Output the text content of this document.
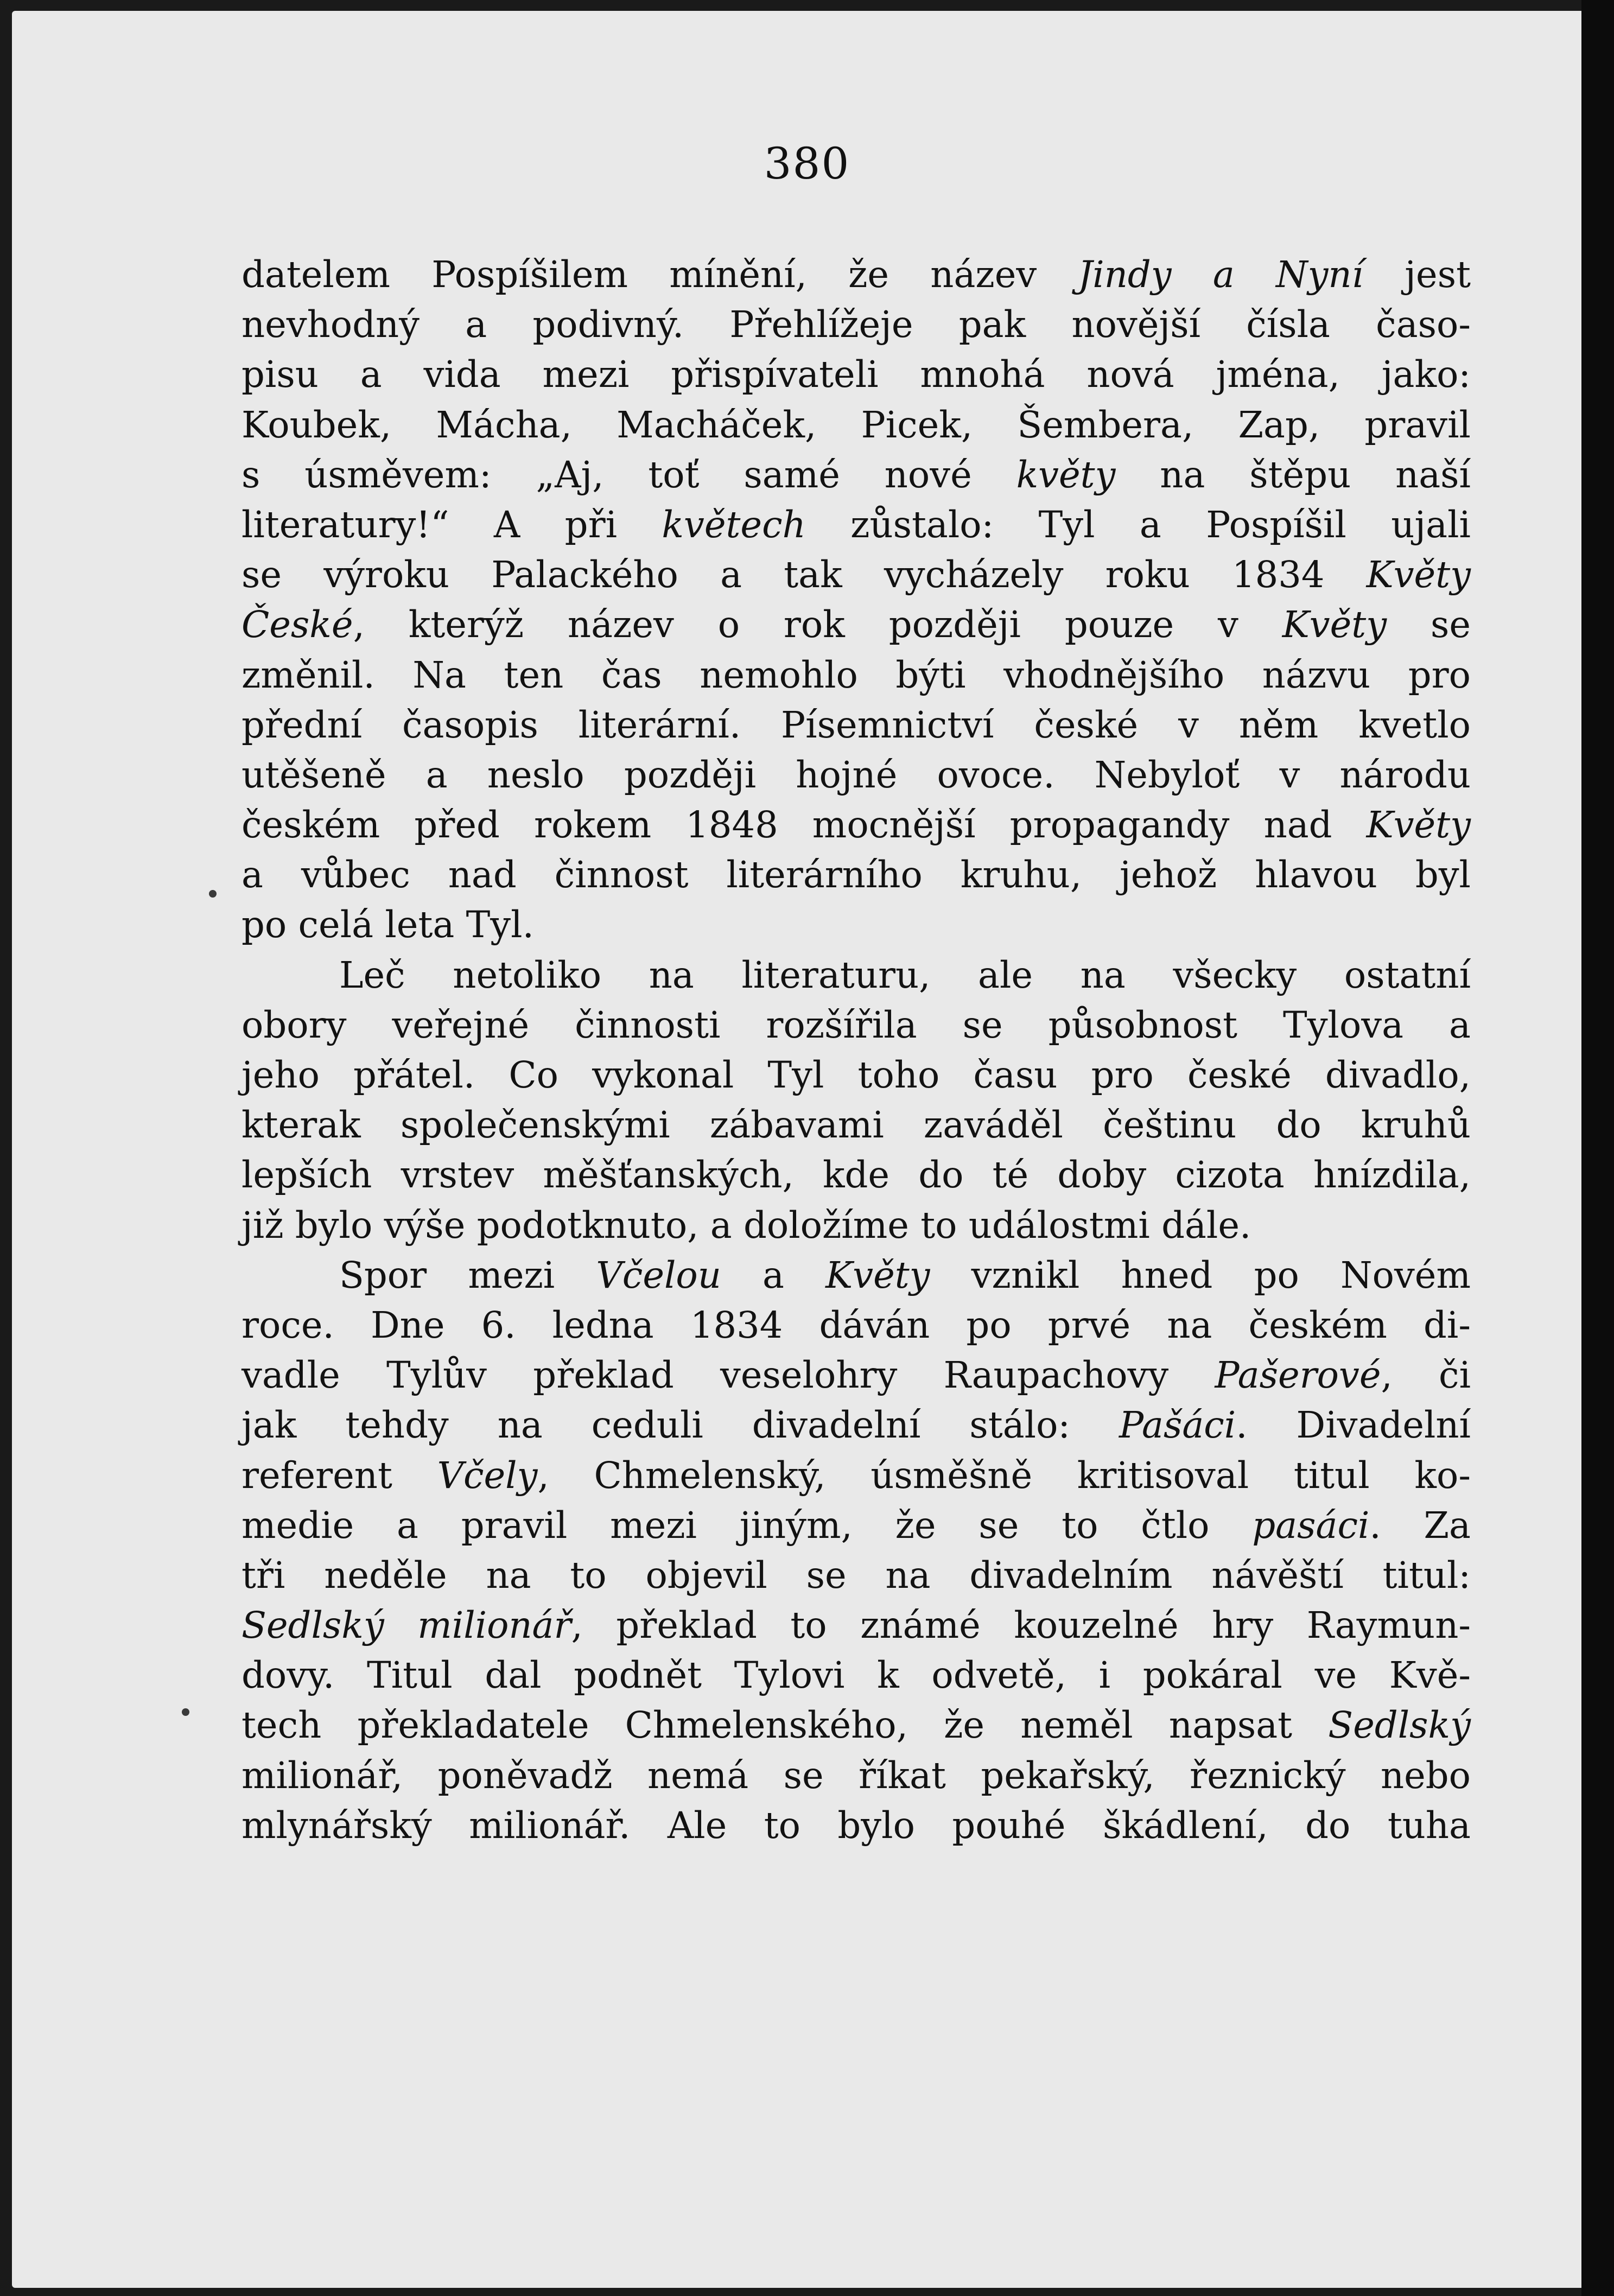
380
datelem Pospíšilem mínění, že název Jindy a Nyní jest
nevhodný a podivný. Přehlížeje pak novější čísla časo-
pisu a vida mezi přispívateli mnohá nová jména, jako:
Koubek, Mácha, Macháček, Picek, Šembera, Zap, pravil
s úsměvem: „Aj, toť samé nové květy na štěpu naší
literatury!“ A při květech zůstalo: Tyl a Pospíšil ujali
se výroku Palackého a tak vycházely roku 1834 Květy
České, kterýž název o rok později pouze v Květy se
změnil. Na ten čas nemohlo býti vhodnějšího názvu pro
přední časopis literární. Písemnictví české v něm kvetlo
utěšeně a neslo později hojné ovoce. Nebyloť v národu
českém před rokem 1848 mocnější propagandy nad Květy
a vůbec nad činnost literárního kruhu, jehož hlavou byl
po celá leta Tyl.
Leč netoliko na literaturu, ale na všecky ostatní
obory veřejné činnosti rozšířila se působnost Tylova a
jeho přátel. Co vykonal Tyl toho času pro české divadlo,
kterak společenskými zábavami zaváděl češtinu do kruhů
lepších vrstev měšťanských, kde do té doby cizota hnízdila,
již bylo výše podotknuto, a doložíme to událostmi dále.
Spor mezi Včelou a Květy vznikl hned po Novém
roce. Dne 6. ledna 1834 dáván po prvé na českém di-
vadle Tylův překlad veselohry Raupachovy Pašerové, či
jak tehdy na ceduli divadelní stálo: Pašáci. Divadelní
referent Včely, Chmelenský, úsměšně kritisoval titul ko-
medie a pravil mezi jiným, že se to čtlo pasáci. Za
tři neděle na to objevil se na divadelním návěští titul:
Sedlský milionář, překlad to známé kouzelné hry Raymun-
dovy. Titul dal podnět Tylovi k odvetě, i pokáral ve Kvě-
tech překladatele Chmelenského, že neměl napsat Sedlský
milionář, poněvadž nemá se říkat pekařský, řeznický nebo
mlynářský milionář. Ale to bylo pouhé škádlení, do tuha
